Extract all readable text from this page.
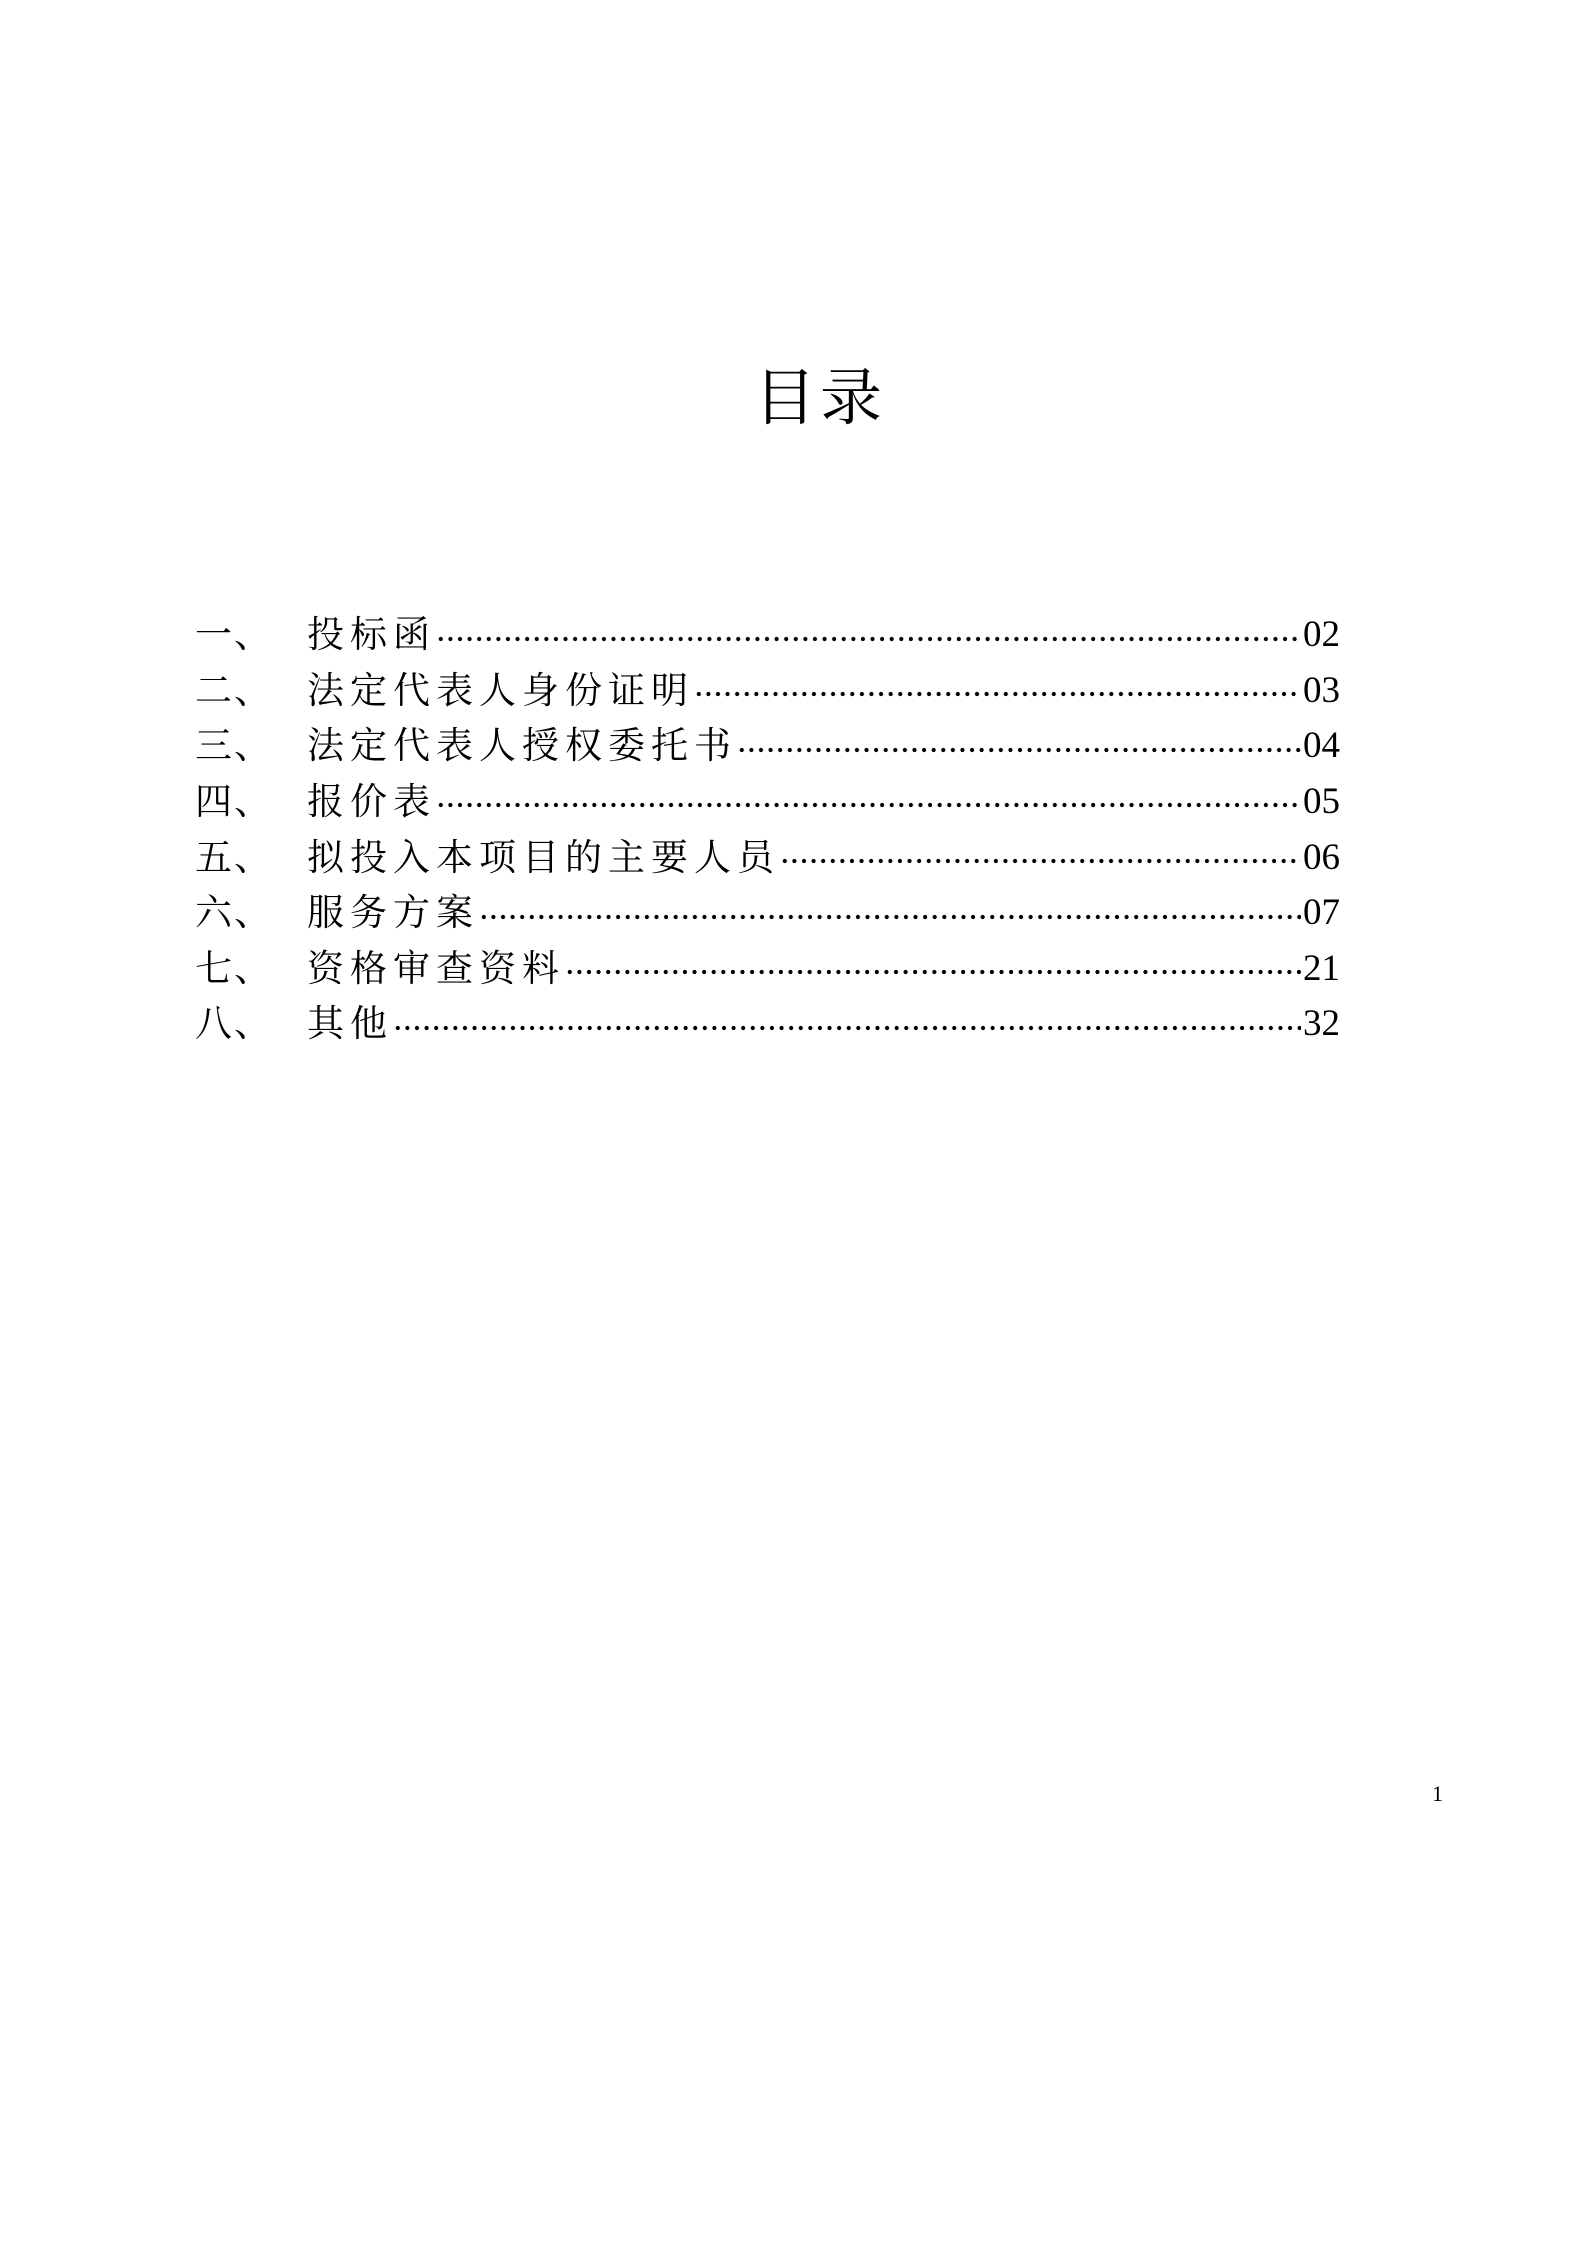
目录
一、 投标函	02
二、 法定代表人身份证明	03
三、 法定代表人授权委托书	04
四、 报价表	05
五、 拟投入本项目的主要人员	06
六、 服务方案	07
七、 资格审查资料	21
八、 其他	32
1
